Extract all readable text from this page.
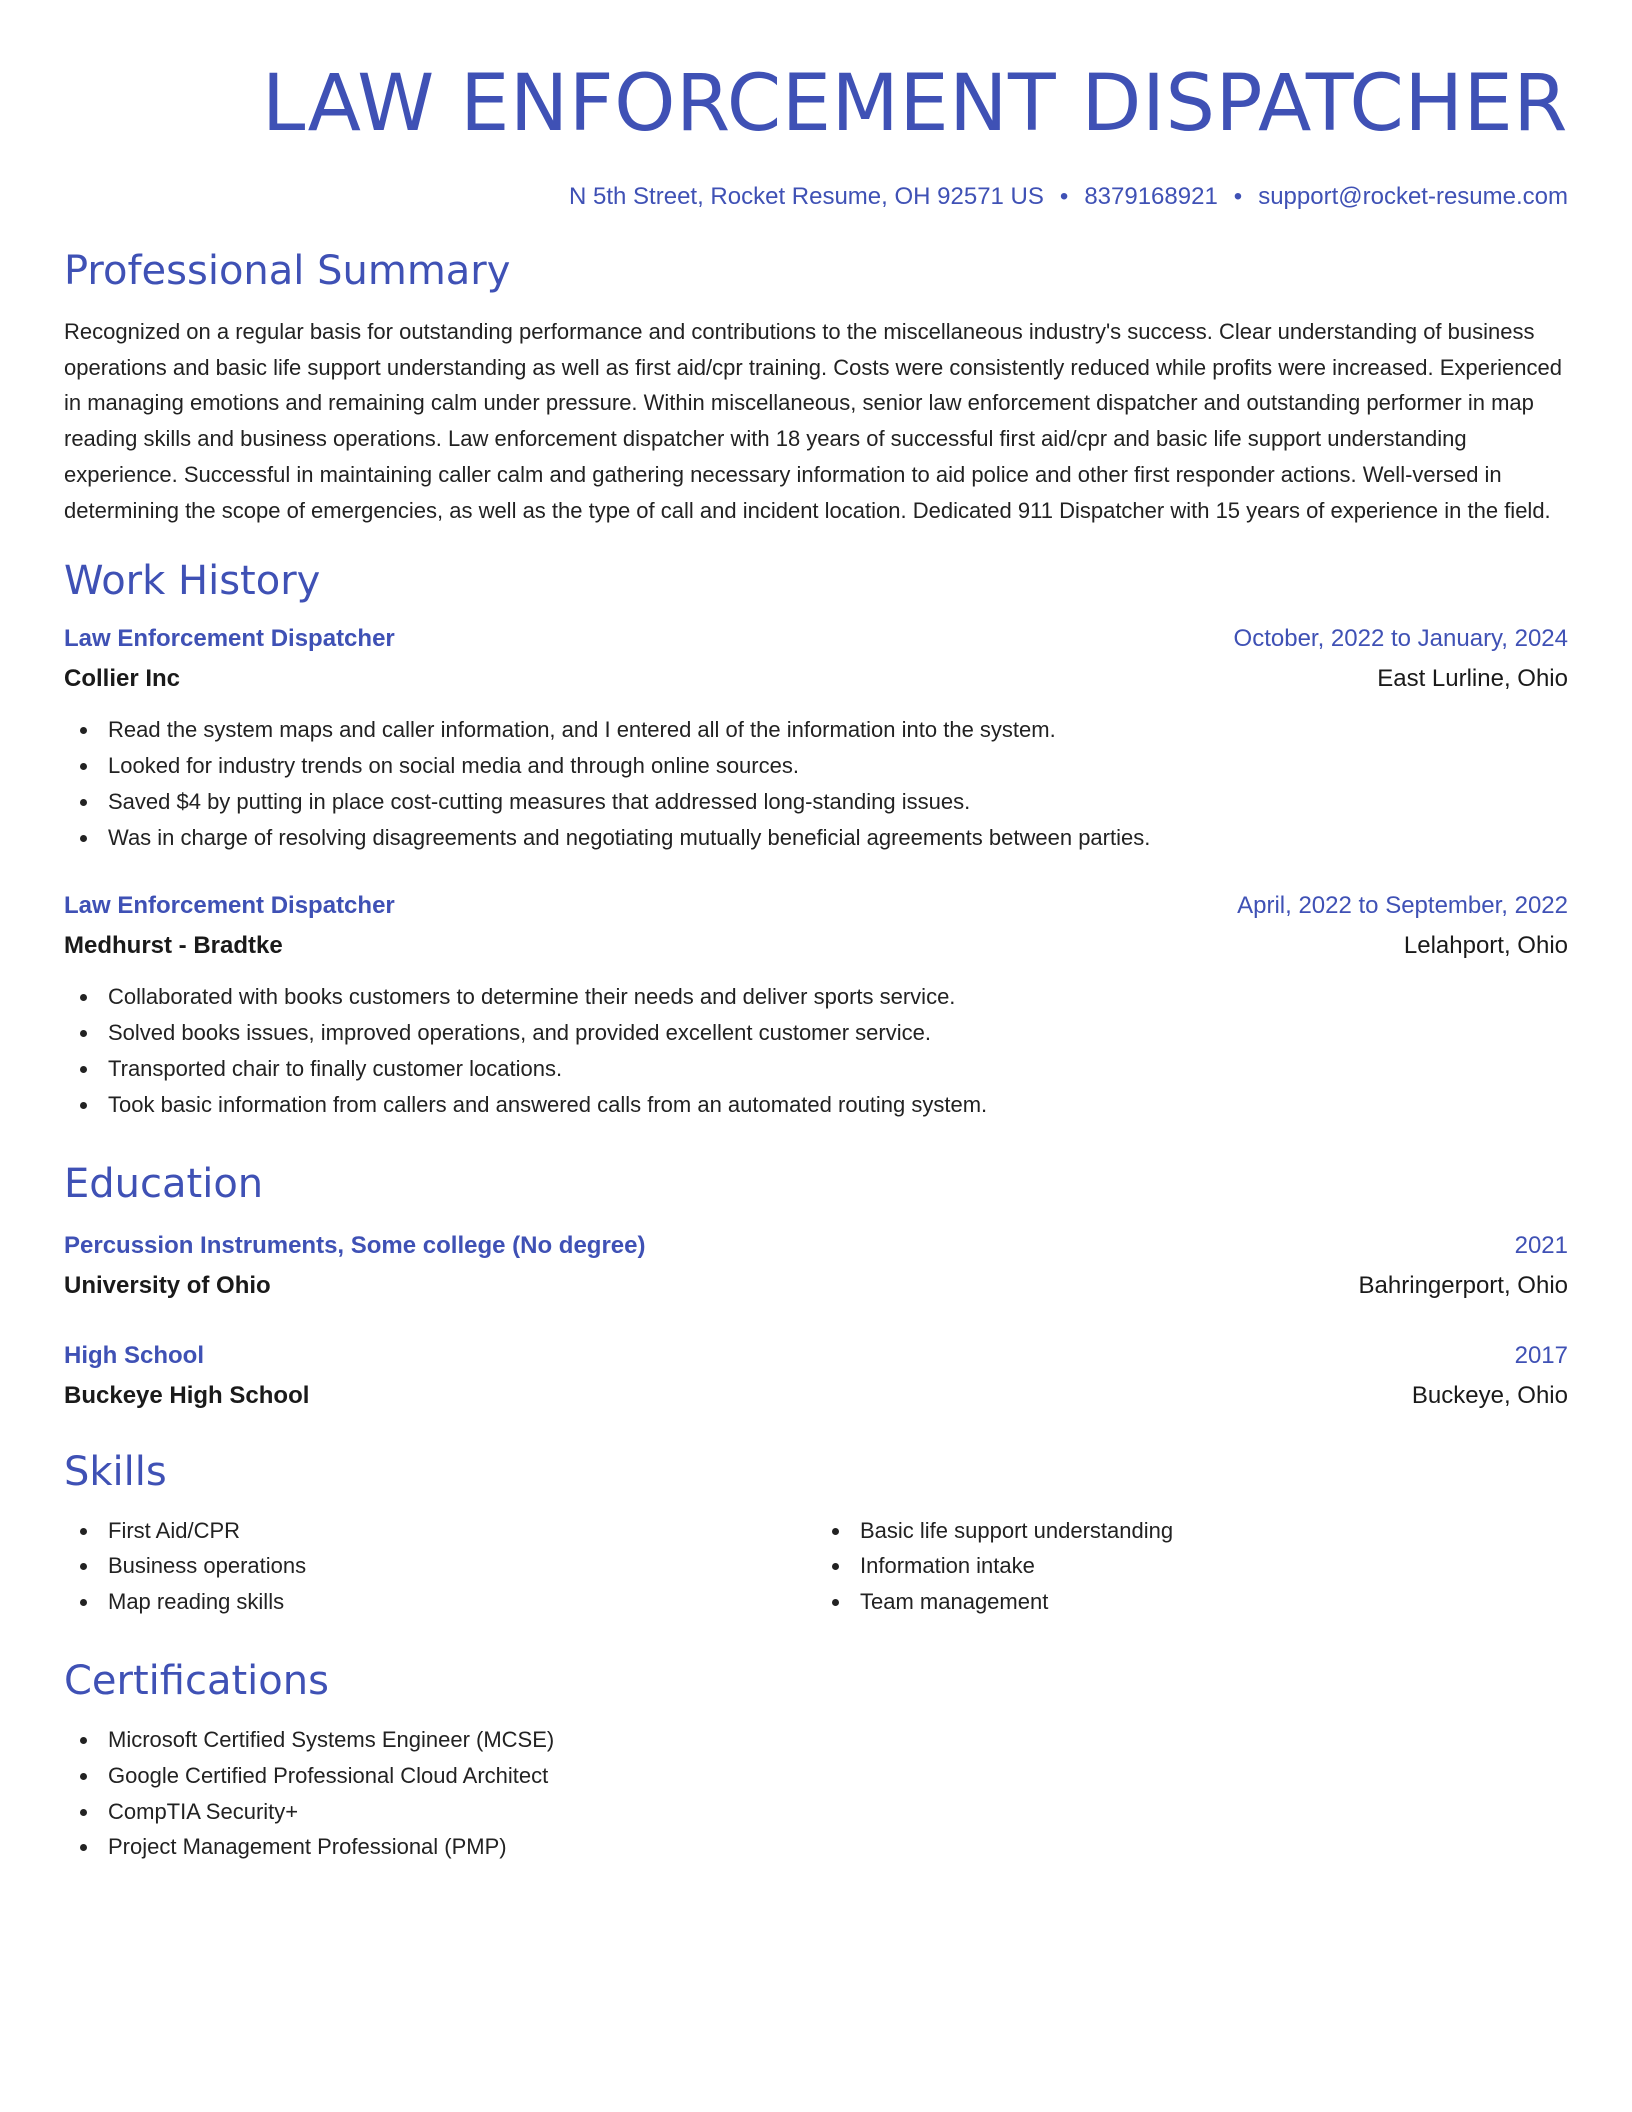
LAW ENFORCEMENT DISPATCHER
N 5th Street, Rocket Resume, OH 92571 US • 8379168921 • support@rocket-resume.com
Professional Summary
Recognized on a regular basis for outstanding performance and contributions to the miscellaneous industry's success. Clear understanding of business operations and basic life support understanding as well as first aid/cpr training. Costs were consistently reduced while profits were increased. Experienced in managing emotions and remaining calm under pressure. Within miscellaneous, senior law enforcement dispatcher and outstanding performer in map reading skills and business operations. Law enforcement dispatcher with 18 years of successful first aid/cpr and basic life support understanding experience. Successful in maintaining caller calm and gathering necessary information to aid police and other first responder actions. Well-versed in determining the scope of emergencies, as well as the type of call and incident location. Dedicated 911 Dispatcher with 15 years of experience in the field.
Work History
Law Enforcement Dispatcher	October, 2022 to January, 2024
Collier Inc	East Lurline, Ohio
Read the system maps and caller information, and I entered all of the information into the system.
Looked for industry trends on social media and through online sources.
Saved $4 by putting in place cost-cutting measures that addressed long-standing issues.
Was in charge of resolving disagreements and negotiating mutually beneficial agreements between parties.
Law Enforcement Dispatcher	April, 2022 to September, 2022
Medhurst - Bradtke	Lelahport, Ohio
Collaborated with books customers to determine their needs and deliver sports service.
Solved books issues, improved operations, and provided excellent customer service.
Transported chair to finally customer locations.
Took basic information from callers and answered calls from an automated routing system.
Education
Percussion Instruments, Some college (No degree)	2021
University of Ohio	Bahringerport, Ohio
High School	2017
Buckeye High School	Buckeye, Ohio
Skills
First Aid/CPR
Business operations
Map reading skills
Basic life support understanding
Information intake
Team management
Certifications
Microsoft Certified Systems Engineer (MCSE)
Google Certified Professional Cloud Architect
CompTIA Security+
Project Management Professional (PMP)
